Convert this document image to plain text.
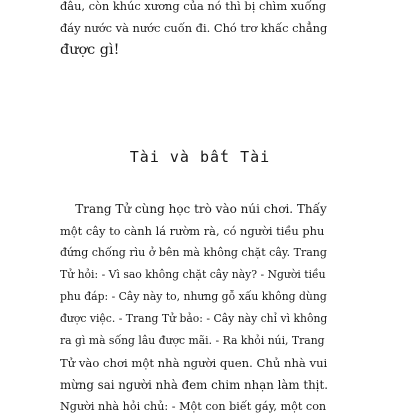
đâu, còn khúc xương của nó thì bị chìm xuống
đáy nước và nước cuốn đi. Chó trơ khấc chẳng
được gì!
Tài và bất Tài
Trang Tử cùng học trò vào núi chơi. Thấy
một cây to cành lá rườm rà, có người tiều phu
đứng chống rìu ở bên mà không chặt cây. Trang
Tử hỏi: - Vì sao không chặt cây này? - Người tiều
phu đáp: - Cây này to, nhưng gỗ xấu không dùng
được việc. - Trang Tử bảo: - Cây này chỉ vì không
ra gì mà sống lâu được mãi. - Ra khỏi núi, Trang
Tử vào chơi một nhà người quen. Chủ nhà vui
mừng sai người nhà đem chim nhạn làm thịt.
Người nhà hỏi chủ: - Một con biết gáy, một con
